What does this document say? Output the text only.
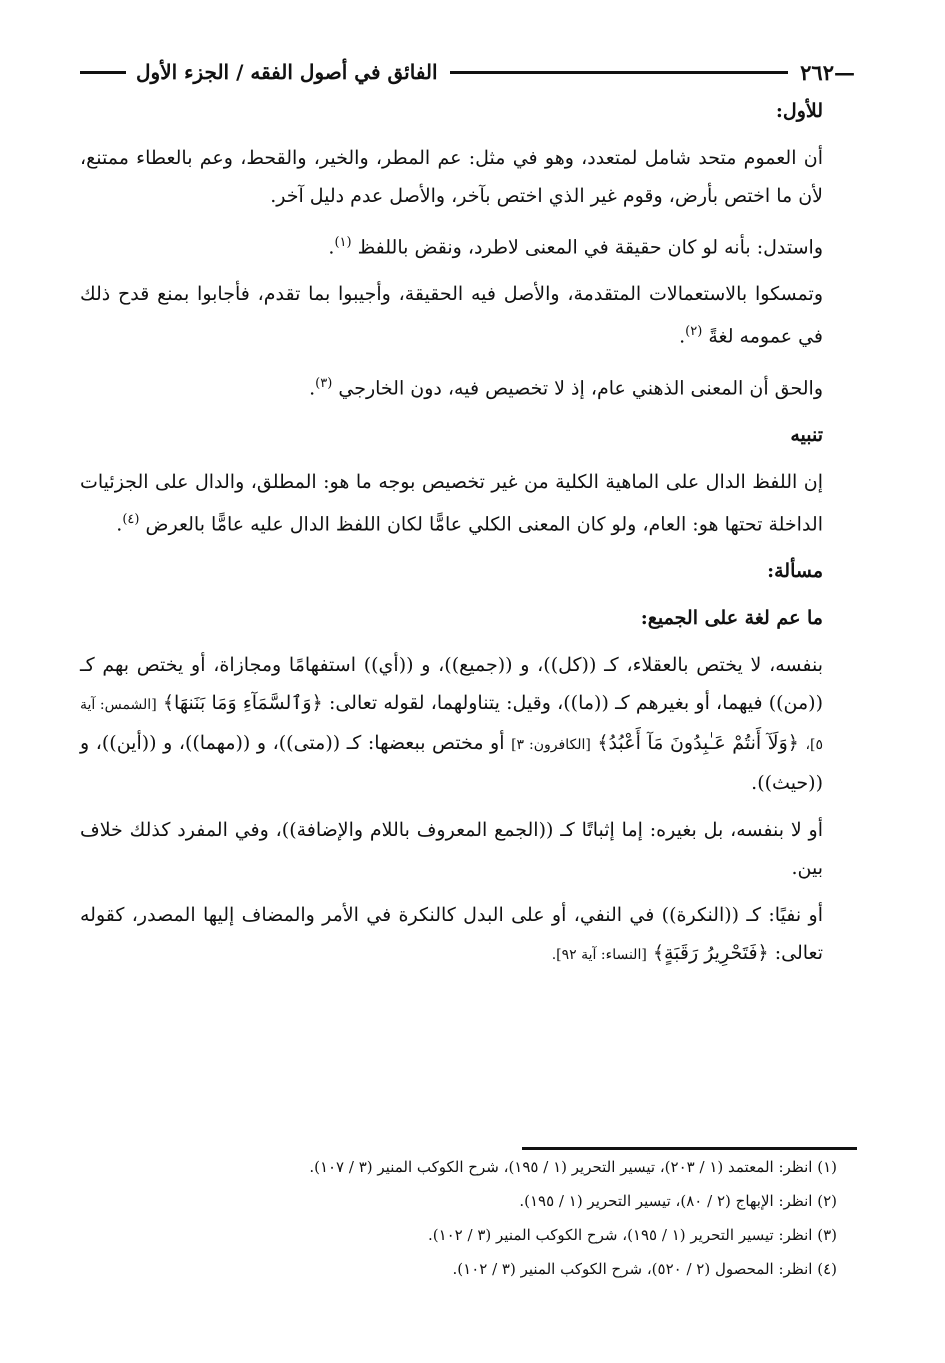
—٢٦٢
الفائق في أصول الفقه / الجزء الأول
للأول:

أن العموم متحد شامل لمتعدد، وهو في مثل: عم المطر، والخير، والقحط، وعم بالعطاء ممتنع، لأن ما اختص بأرض، وقوم غير الذي اختص بآخر، والأصل عدم دليل آخر.

واستدل: بأنه لو كان حقيقة في المعنى لاطرد، ونقض باللفظ $^{(١)}$.

وتمسكوا بالاستعمالات المتقدمة، والأصل فيه الحقيقة، وأجيبوا بما تقدم، فأجابوا بمنع قدح ذلك في عمومه لغةً $^{(٢)}$.

والحق أن المعنى الذهني عام، إذ لا تخصيص فيه، دون الخارجي $^{(٣)}$.

تنبيه

إن اللفظ الدال على الماهية الكلية من غير تخصيص بوجه ما هو: المطلق، والدال على الجزئيات الداخلة تحتها هو: العام، ولو كان المعنى الكلي عامًّا لكان اللفظ الدال عليه عامًّا بالعرض $^{(٤)}$.

مسألة:
ما عم لغة على الجميع:

بنفسه، لا يختص بالعقلاء، كـ ((كل))، و ((جميع))، و ((أي)) استفهامًا ومجازاة، أو يختص بهم كـ ((من)) فيهما، أو بغيرهم كـ ((ما))، وقيل: يتناولهما، لقوله تعالى: ﴿وَٱلسَّمَآءِ وَمَا بَنَنهَا﴾ [الشمس: آية ٥]، ﴿وَلَآ أَنتُمْ عَـٰبِدُونَ مَآ أَعْبُدُ﴾ [الكافرون: ٣] أو مختص ببعضها: كـ ((متى))، و ((مهما))، و ((أين))، و ((حيث)).

أو لا بنفسه، بل بغيره: إما إثباتًا كـ ((الجمع المعروف باللام والإضافة))، وفي المفرد كذلك خلاف بين.

أو نفيًا: كـ ((النكرة)) في النفي، أو على البدل كالنكرة في الأمر والمضاف إليها المصدر، كقوله تعالى: ﴿فَتَحْرِيرُ رَقَبَةٍ﴾ [النساء: آية ٩٢].

(١) انظر: المعتمد (١ / ٢٠٣)، تيسير التحرير (١ / ١٩٥)، شرح الكوكب المنير (٣ / ١٠٧).
(٢) انظر: الإبهاج (٢ / ٨٠)، تيسير التحرير (١ / ١٩٥).
(٣) انظر: تيسير التحرير (١ / ١٩٥)، شرح الكوكب المنير (٣ / ١٠٢).
(٤) انظر: المحصول (٢ / ٥٢٠)، شرح الكوكب المنير (٣ / ١٠٢).
